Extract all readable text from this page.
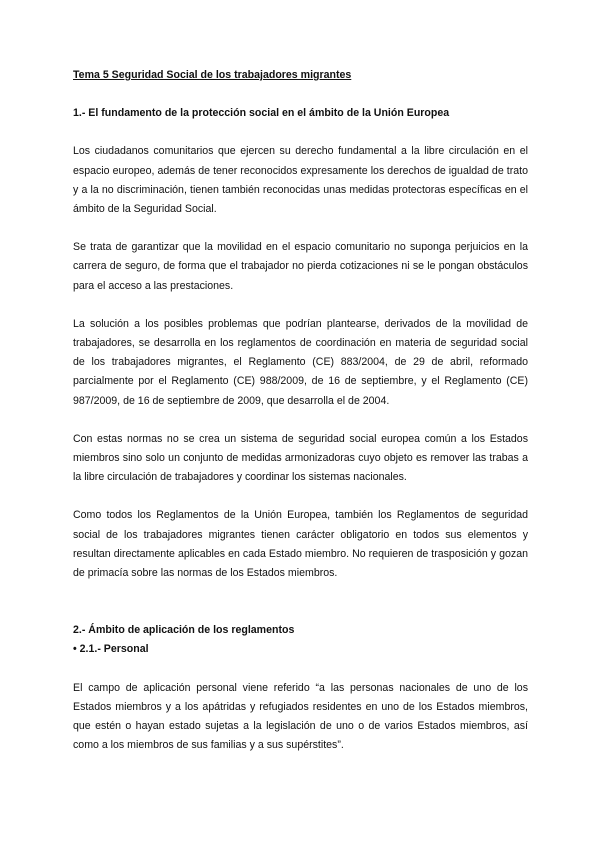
Tema 5 Seguridad Social de los trabajadores migrantes

1.- El fundamento de la protección social en el ámbito de la Unión Europea

Los ciudadanos comunitarios que ejercen su derecho fundamental a la libre circulación en el espacio europeo, además de tener reconocidos expresamente los derechos de igualdad de trato y a la no discriminación, tienen también reconocidas unas medidas protectoras específicas en el ámbito de la Seguridad Social.

Se trata de garantizar que la movilidad en el espacio comunitario no suponga perjuicios en la carrera de seguro, de forma que el trabajador no pierda cotizaciones ni se le pongan obstáculos para el acceso a las prestaciones.

La solución a los posibles problemas que podrían plantearse, derivados de la movilidad de trabajadores, se desarrolla en los reglamentos de coordinación en materia de seguridad social de los trabajadores migrantes, el Reglamento (CE) 883/2004, de 29 de abril, reformado parcialmente por el Reglamento (CE) 988/2009, de 16 de septiembre, y el Reglamento (CE) 987/2009, de 16 de septiembre de 2009, que desarrolla el de 2004.

Con estas normas no se crea un sistema de seguridad social europea común a los Estados miembros sino solo un conjunto de medidas armonizadoras cuyo objeto es remover las trabas a la libre circulación de trabajadores y coordinar los sistemas nacionales.

Como todos los Reglamentos de la Unión Europea, también los Reglamentos de seguridad social de los trabajadores migrantes tienen carácter obligatorio en todos sus elementos y resultan directamente aplicables en cada Estado miembro. No requieren de trasposición y gozan de primacía sobre las normas de los Estados miembros.

2.- Ámbito de aplicación de los reglamentos

• 2.1.- Personal

El campo de aplicación personal viene referido “a las personas nacionales de uno de los Estados miembros y a los apátridas y refugiados residentes en uno de los Estados miembros, que estén o hayan estado sujetas a la legislación de uno o de varios Estados miembros, así como a los miembros de sus familias y a sus supérstites”.
